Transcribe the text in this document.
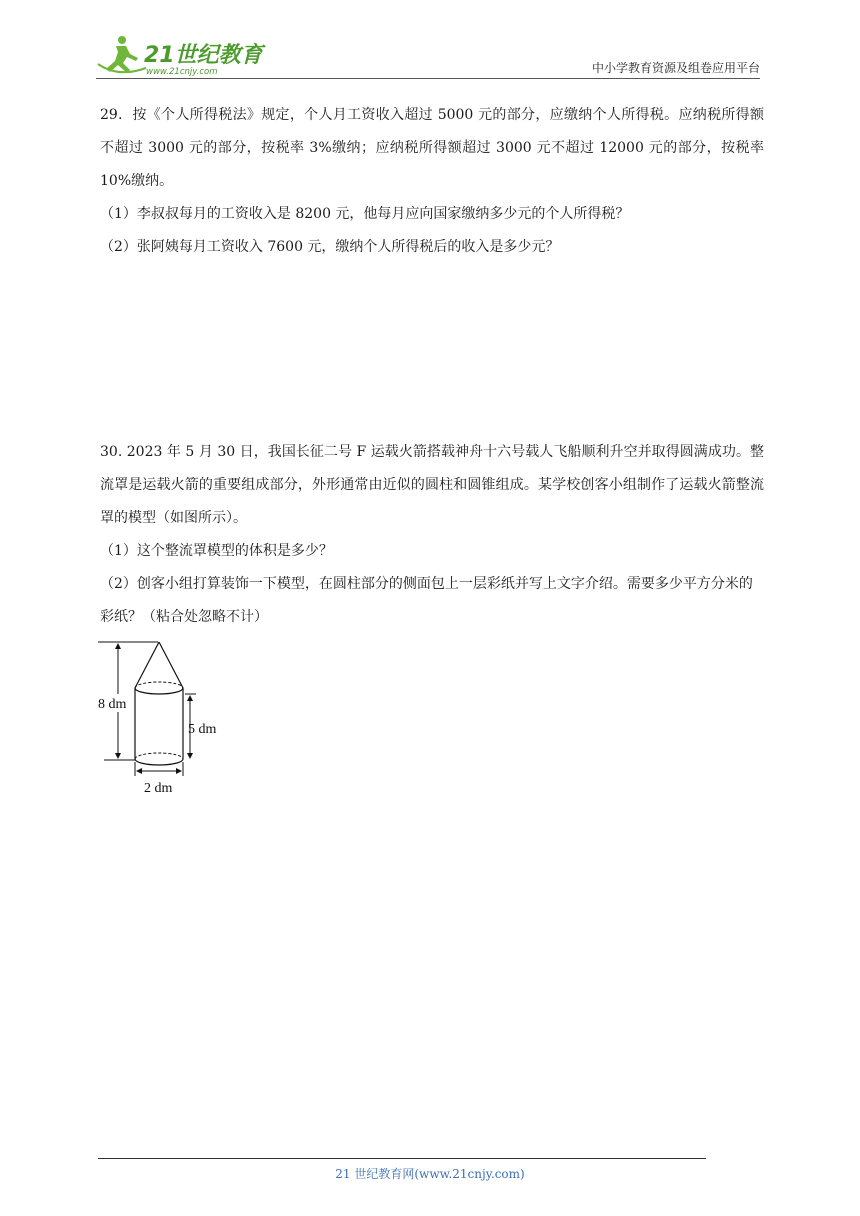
21世纪教育
www.21cnjy.com	中小学教育资源及组卷应用平台

29．按《个人所得税法》规定，个人月工资收入超过 5000 元的部分，应缴纳个人所得税。应纳税所得额不超过 3000 元的部分，按税率 3%缴纳；应纳税所得额超过 3000 元不超过 12000 元的部分，按税率 10%缴纳。

（1）李叔叔每月的工资收入是 8200 元，他每月应向国家缴纳多少元的个人所得税？

（2）张阿姨每月工资收入 7600 元，缴纳个人所得税后的收入是多少元？

30. 2023 年 5 月 30 日，我国长征二号 F 运载火箭搭载神舟十六号载人飞船顺利升空并取得圆满成功。整流罩是运载火箭的重要组成部分，外形通常由近似的圆柱和圆锥组成。某学校创客小组制作了运载火箭整流罩的模型（如图所示）。

（1）这个整流罩模型的体积是多少？

（2）创客小组打算装饰一下模型，在圆柱部分的侧面包上一层彩纸并写上文字介绍。需要多少平方分米的彩纸？（粘合处忽略不计）

8 dm
5 dm
2 dm
21 世纪教育网(www.21cnjy.com)
